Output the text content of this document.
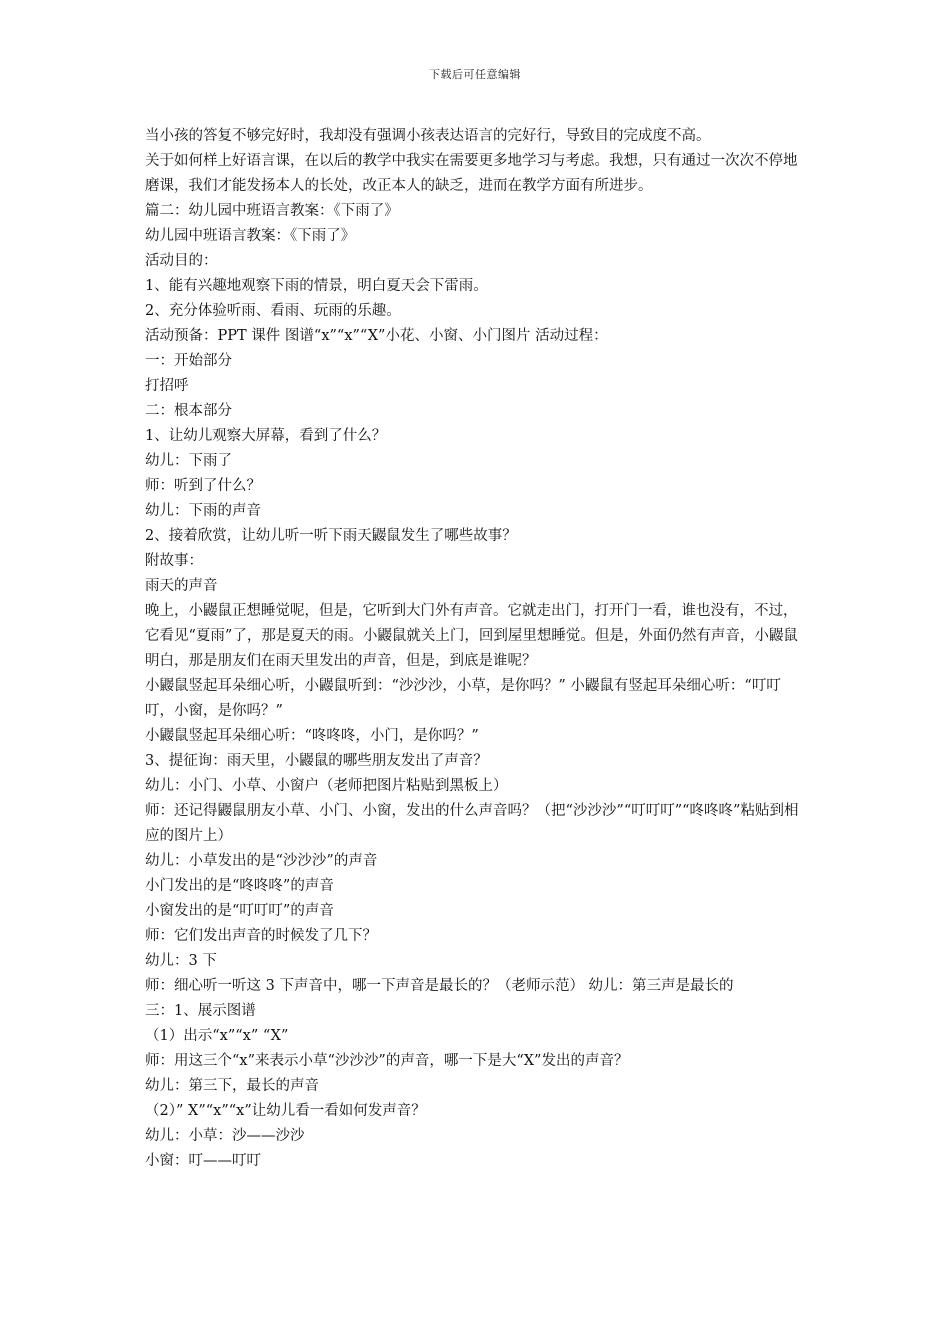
下载后可任意编辑

当小孩的答复不够完好时，我却没有强调小孩表达语言的完好行，导致目的完成度不高。

关于如何样上好语言课，在以后的教学中我实在需要更多地学习与考虑。我想，只有通过一次次不停地磨课，我们才能发扬本人的长处，改正本人的缺乏，进而在教学方面有所进步。

篇二：幼儿园中班语言教案：《下雨了》

幼儿园中班语言教案：《下雨了》

活动目的：

1、能有兴趣地观察下雨的情景，明白夏天会下雷雨。

2、充分体验听雨、看雨、玩雨的乐趣。

活动预备：PPT 课件 图谱“x”“x”“X”小花、小窗、小门图片 活动过程：

一：开始部分

打招呼

二：根本部分

1、让幼儿观察大屏幕，看到了什么？

幼儿：下雨了

师：听到了什么？

幼儿：下雨的声音

2、接着欣赏，让幼儿听一听下雨天鼹鼠发生了哪些故事？

附故事：

雨天的声音

晚上，小鼹鼠正想睡觉呢，但是，它听到大门外有声音。它就走出门，打开门一看，谁也没有，不过，它看见“夏雨”了，那是夏天的雨。小鼹鼠就关上门，回到屋里想睡觉。但是，外面仍然有声音，小鼹鼠明白，那是朋友们在雨天里发出的声音，但是，到底是谁呢？

小鼹鼠竖起耳朵细心听，小鼹鼠听到：“沙沙沙，小草，是你吗？” 小鼹鼠有竖起耳朵细心听：“叮叮叮，小窗，是你吗？”

小鼹鼠竖起耳朵细心听：“咚咚咚，小门，是你吗？”

3、提征询：雨天里，小鼹鼠的哪些朋友发出了声音？

幼儿：小门、小草、小窗户（老师把图片粘贴到黑板上）

师：还记得鼹鼠朋友小草、小门、小窗，发出的什么声音吗？（把“沙沙沙”“叮叮叮”“咚咚咚”粘贴到相应的图片上）

幼儿：小草发出的是“沙沙沙”的声音

小门发出的是“咚咚咚”的声音

小窗发出的是“叮叮叮”的声音

师：它们发出声音的时候发了几下？

幼儿：3 下

师：细心听一听这 3 下声音中，哪一下声音是最长的？（老师示范） 幼儿：第三声是最长的

三：1、展示图谱

（1）出示“x”“x” “X”

师：用这三个“x”来表示小草“沙沙沙”的声音，哪一下是大“X”发出的声音？

幼儿：第三下，最长的声音

（2）” X”“x”“x”让幼儿看一看如何发声音？

幼儿：小草：沙——沙沙

小窗：叮——叮叮
